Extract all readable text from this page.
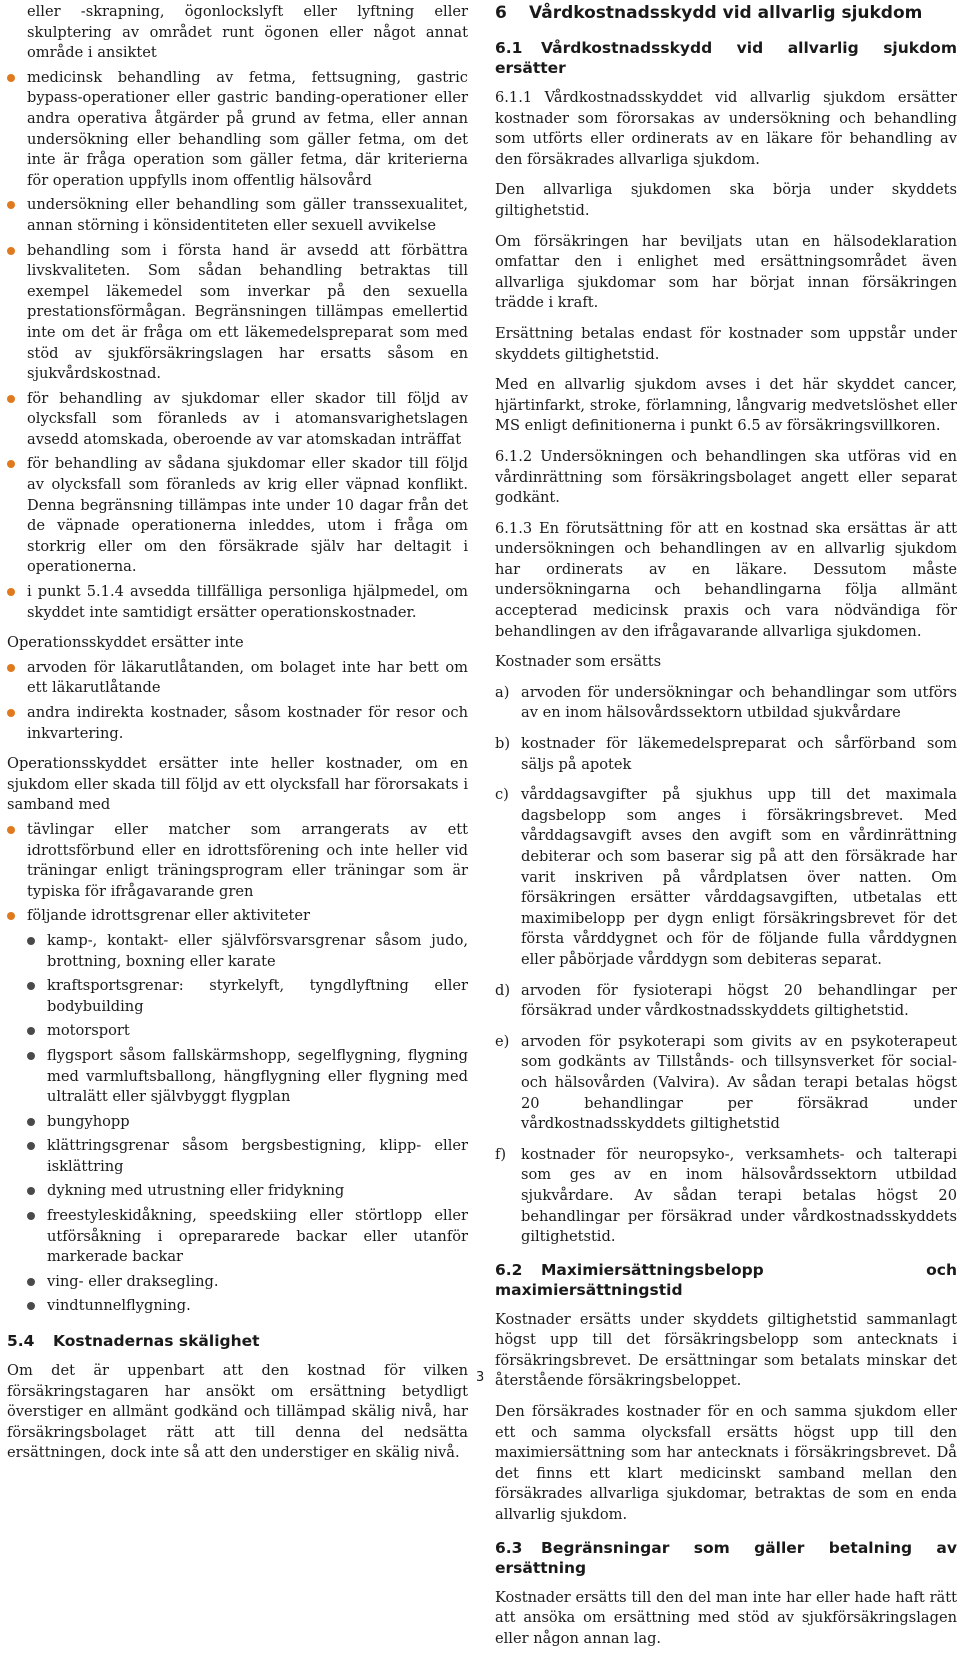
eller -skrapning, ögonlockslyft eller lyftning eller skulptering av området runt ögonen eller något annat område i ansiktet
medicinsk behandling av fetma, fettsugning, gastric bypass-operationer eller gastric banding-operationer eller andra operativa åtgärder på grund av fetma, eller annan undersökning eller behandling som gäller fetma, om det inte är fråga operation som gäller fetma, där kriterierna för operation uppfylls inom offentlig hälsovård
undersökning eller behandling som gäller transsexualitet, annan störning i könsidentiteten eller sexuell avvikelse
behandling som i första hand är avsedd att förbättra livskvaliteten. Som sådan behandling betraktas till exempel läkemedel som inverkar på den sexuella prestationsförmågan. Begränsningen tillämpas emellertid inte om det är fråga om ett läkemedelspreparat som med stöd av sjukförsäkringslagen har ersatts såsom en sjukvårdskostnad.
för behandling av sjukdomar eller skador till följd av olycksfall som föranleds av i atomansvarighetslagen avsedd atomskada, oberoende av var atomskadan inträffat
för behandling av sådana sjukdomar eller skador till följd av olycksfall som föranleds av krig eller väpnad konflikt. Denna begränsning tillämpas inte under 10 dagar från det de väpnade operationerna inleddes, utom i fråga om storkrig eller om den försäkrade själv har deltagit i operationerna.
i punkt 5.1.4 avsedda tillfälliga personliga hjälpmedel, om skyddet inte samtidigt ersätter operationskostnader.

Operationsskyddet ersätter inte

arvoden för läkarutlåtanden, om bolaget inte har bett om ett läkarutlåtande
andra indirekta kostnader, såsom kostnader för resor och inkvartering.

Operationsskyddet ersätter inte heller kostnader, om en sjukdom eller skada till följd av ett olycksfall har förorsakats i samband med

tävlingar eller matcher som arrangerats av ett idrottsförbund eller en idrottsförening och inte heller vid träningar enligt träningsprogram eller träningar som är typiska för ifrågavarande gren
följande idrottsgrenar eller aktiviteter
kamp-, kontakt- eller självförsvarsgrenar såsom judo, brottning, boxning eller karate
kraftsportsgrenar: styrkelyft, tyngdlyftning eller bodybuilding
motorsport
flygsport såsom fallskärmshopp, segelflygning, flygning med varmluftsballong, hängflygning eller flygning med ultralätt eller självbyggt flygplan
bungyhopp
klättringsgrenar såsom bergsbestigning, klipp- eller isklättring
dykning med utrustning eller fridykning
freestyleskidåkning, speedskiing eller störtlopp eller utförsåkning i oprepararede backar eller utanför markerade backar
ving- eller draksegling.
vindtunnelflygning.
5.4 Kostnadernas skälighet

Om det är uppenbart att den kostnad för vilken försäkringstagaren har ansökt om ersättning betydligt överstiger en allmänt godkänd och tillämpad skälig nivå, har försäkringsbolaget rätt att till denna del nedsätta ersättningen, dock inte så att den understiger en skälig nivå.

6 Vårdkostnadsskydd vid allvarlig sjukdom
6.1 Vårdkostnadsskydd vid allvarlig sjukdom ersätter

6.1.1 Vårdkostnadsskyddet vid allvarlig sjukdom ersätter kostnader som förorsakas av undersökning och behandling som utförts eller ordinerats av en läkare för behandling av den försäkrades allvarliga sjukdom.

Den allvarliga sjukdomen ska börja under skyddets giltighetstid.

Om försäkringen har beviljats utan en hälsodeklaration omfattar den i enlighet med ersättningsområdet även allvarliga sjukdomar som har börjat innan försäkringen trädde i kraft.

Ersättning betalas endast för kostnader som uppstår under skyddets giltighetstid.

Med en allvarlig sjukdom avses i det här skyddet cancer, hjärtinfarkt, stroke, förlamning, långvarig medvetslöshet eller MS enligt definitionerna i punkt 6.5 av försäkringsvillkoren.

6.1.2 Undersökningen och behandlingen ska utföras vid en vårdinrättning som försäkringsbolaget angett eller separat godkänt.

6.1.3 En förutsättning för att en kostnad ska ersättas är att undersökningen och behandlingen av en allvarlig sjukdom har ordinerats av en läkare. Dessutom måste undersökningarna och behandlingarna följa allmänt accepterad medicinsk praxis och vara nödvändiga för behandlingen av den ifrågavarande allvarliga sjukdomen.

Kostnader som ersätts

a) arvoden för undersökningar och behandlingar som utförs av en inom hälsovårdssektorn utbildad sjukvårdare
b) kostnader för läkemedelspreparat och sårförband som säljs på apotek
c) vårddagsavgifter på sjukhus upp till det maximala dagsbelopp som anges i försäkringsbrevet. Med vårddagsavgift avses den avgift som en vårdinrättning debiterar och som baserar sig på att den försäkrade har varit inskriven på vårdplatsen över natten. Om försäkringen ersätter vårddagsavgiften, utbetalas ett maximibelopp per dygn enligt försäkringsbrevet för det första vårddygnet och för de följande fulla vårddygnen eller påbörjade vårddygn som debiteras separat.
d) arvoden för fysioterapi högst 20 behandlingar per försäkrad under vårdkostnadsskyddets giltighetstid.
e) arvoden för psykoterapi som givits av en psykoterapeut som godkänts av Tillstånds- och tillsynsverket för social- och hälsovården (Valvira). Av sådan terapi betalas högst 20 behandlingar per försäkrad under vårdkostnadsskyddets giltighetstid
f) kostnader för neuropsyko-, verksamhets- och talterapi som ges av en inom hälsovårdssektorn utbildad sjukvårdare. Av sådan terapi betalas högst 20 behandlingar per försäkrad under vårdkostnadsskyddets giltighetstid.
6.2 Maximiersättningsbelopp och maximiersättningstid

Kostnader ersätts under skyddets giltighetstid sammanlagt högst upp till det försäkringsbelopp som antecknats i försäkringsbrevet. De ersättningar som betalats minskar det återstående försäkringsbeloppet.

Den försäkrades kostnader för en och samma sjukdom eller ett och samma olycksfall ersätts högst upp till den maximiersättning som har antecknats i försäkringsbrevet. Då det finns ett klart medicinskt samband mellan den försäkrades allvarliga sjukdomar, betraktas de som en enda allvarlig sjukdom.

6.3 Begränsningar som gäller betalning av ersättning

Kostnader ersätts till den del man inte har eller hade haft rätt att ansöka om ersättning med stöd av sjukförsäkringslagen eller någon annan lag.

3
